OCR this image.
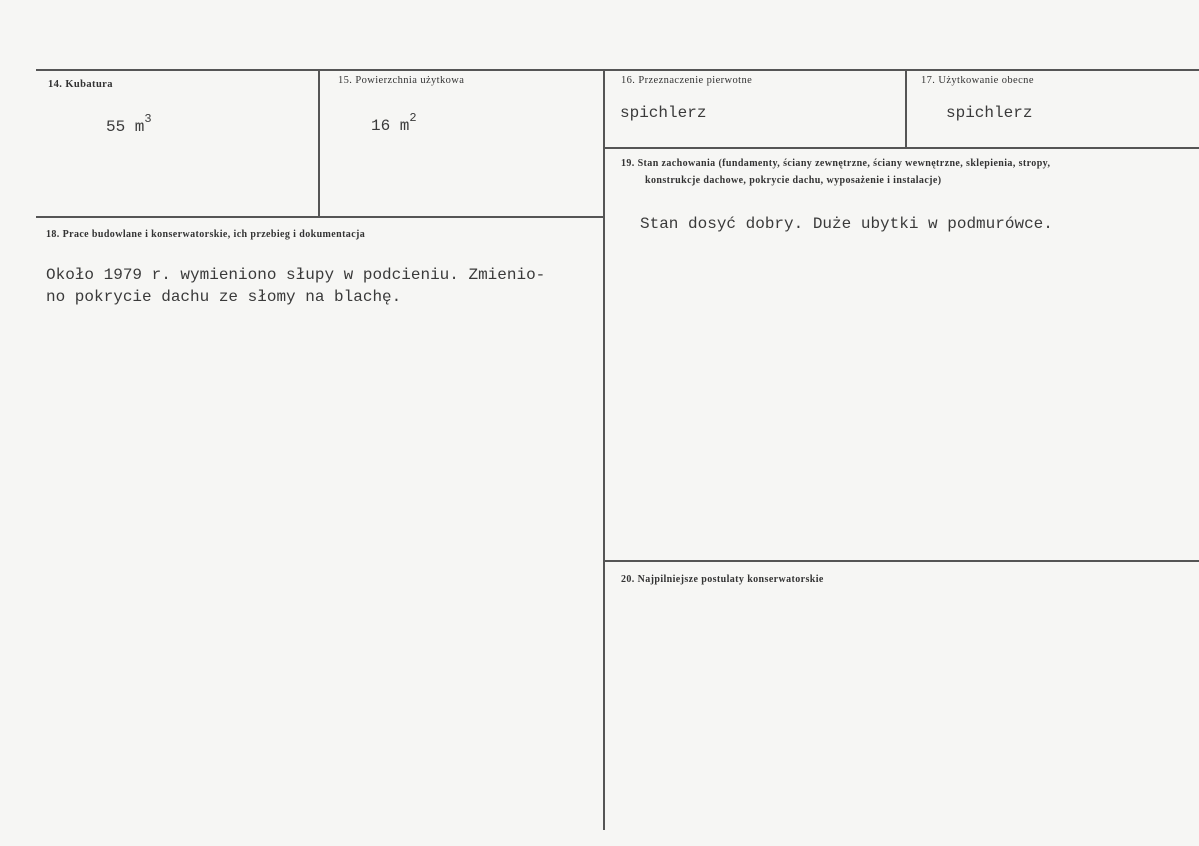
14. Kubatura
55 $m^3$
15. Powierzchnia użytkowa
16 $m^2$
16. Przeznaczenie pierwotne
spichlerz
17. Użytkowanie obecne
spichlerz
18. Prace budowlane i konserwatorskie, ich przebieg i dokumentacja
Około 1979 r. wymieniono słupy w podcieniu. Zmienio-
no pokrycie dachu ze słomy na blachę.
19. Stan zachowania (fundamenty, ściany zewnętrzne, ściany wewnętrzne, sklepienia, stropy,
konstrukcje dachowe, pokrycie dachu, wyposażenie i instalacje)
Stan dosyć dobry. Duże ubytki w podmurówce.
20. Najpilniejsze postulaty konserwatorskie
